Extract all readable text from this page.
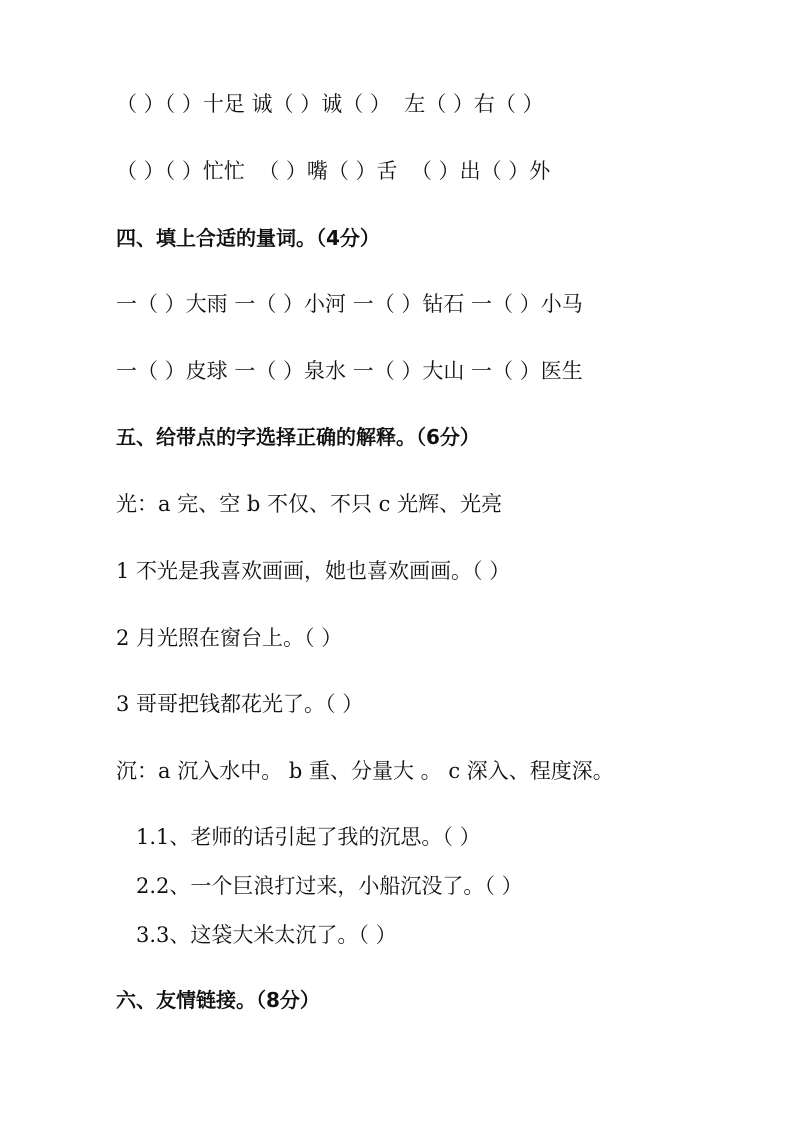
（ ）（ ）十足 诚（ ）诚（ ）  左（ ）右（ ）
（ ）（ ）忙忙  （ ）嘴（ ）舌  （ ）出（ ）外
四、填上合适的量词。（4分）
一（ ）大雨 一（ ）小河 一（ ）钻石 一（ ）小马
一（ ）皮球 一（ ）泉水 一（ ）大山 一（ ）医生
五、给带点的字选择正确的解释。（6分）
光：a 完、空 b 不仅、不只 c 光辉、光亮
1 不光是我喜欢画画，她也喜欢画画。（ ）
2 月光照在窗台上。（ ）
3 哥哥把钱都花光了。（ ）
沉：a 沉入水中。 b 重、分量大 。 c 深入、程度深。
1.1、老师的话引起了我的沉思。（ ）
2.2、一个巨浪打过来，小船沉没了。（ ）
3.3、这袋大米太沉了。（ ）
六、友情链接。（8分）
